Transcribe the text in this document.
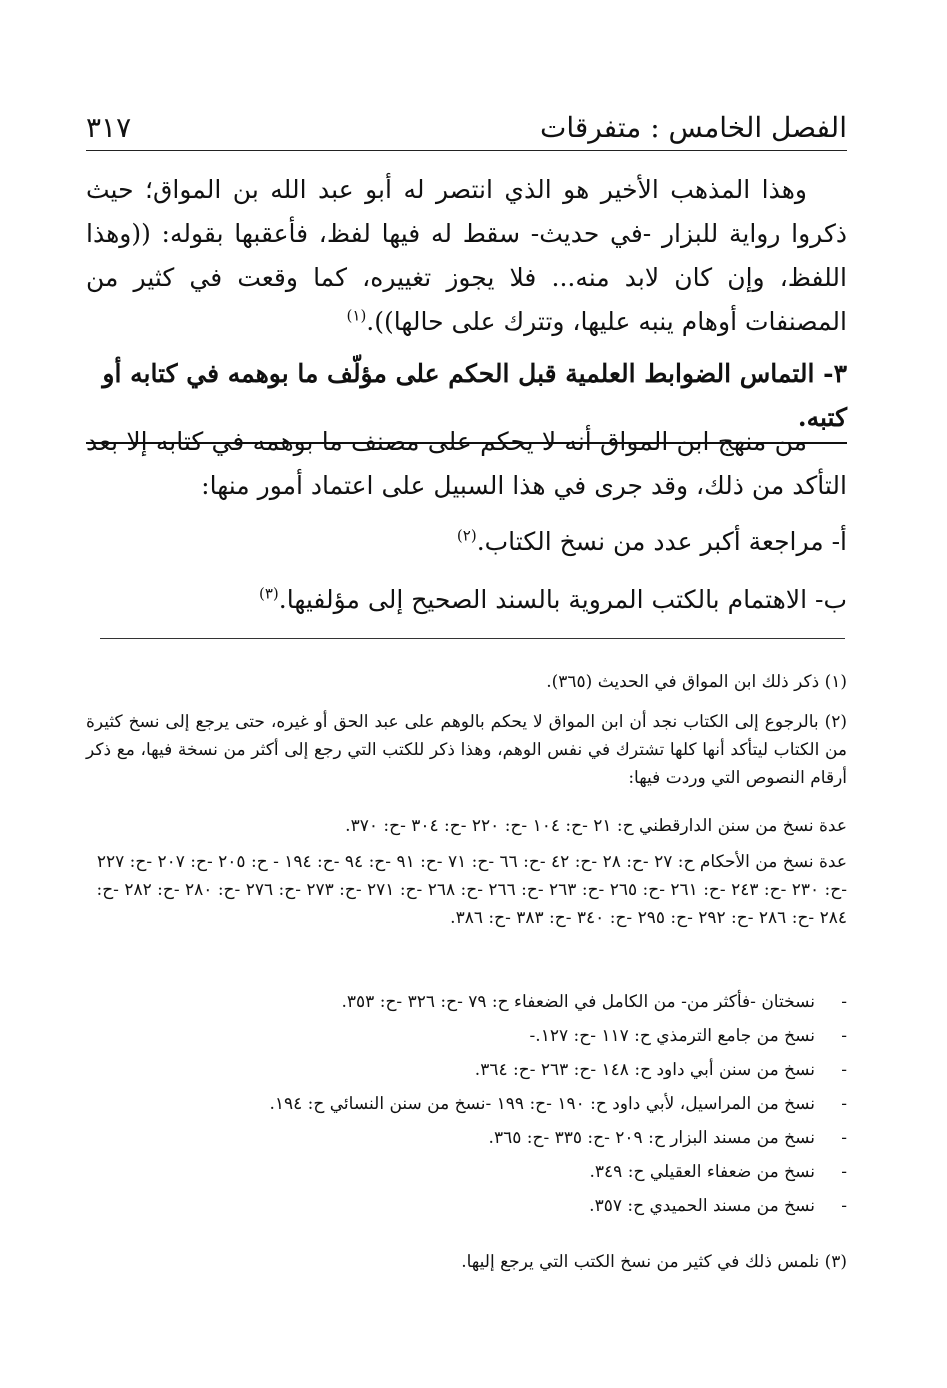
الفصل الخامس : متفرقات
٣١٧
وهذا المذهب الأخير هو الذي انتصر له أبو عبد الله بن المواق؛ حيث ذكروا رواية للبزار -في حديث- سقط له فيها لفظ، فأعقبها بقوله: ((وهذا اللفظ، وإن كان لابد منه... فلا يجوز تغييره، كما وقعت في كثير من المصنفات أوهام ينبه عليها، وتترك على حالها)).$^{(١)}$
٣- التماس الضوابط العلمية قبل الحكم على مؤلّف ما بوهمه في كتابه أو كتبه.
من منهج ابن المواق أنه لا يحكم على مصنف ما بوهمه في كتابه إلا بعد التأكد من ذلك، وقد جرى في هذا السبيل على اعتماد أمور منها:
أ- مراجعة أكبر عدد من نسخ الكتاب.$^{(٢)}$
ب- الاهتمام بالكتب المروية بالسند الصحيح إلى مؤلفيها.$^{(٣)}$
(١) ذكر ذلك ابن المواق في الحديث (٣٦٥).
(٢) بالرجوع إلى الكتاب نجد أن ابن المواق لا يحكم بالوهم على عبد الحق أو غيره، حتى يرجع إلى نسخ كثيرة من الكتاب ليتأكد أنها كلها تشترك في نفس الوهم، وهذا ذكر للكتب التي رجع إلى أكثر من نسخة فيها، مع ذكر أرقام النصوص التي وردت فيها:
عدة نسخ من سنن الدارقطني ح: ٢١ -ح: ١٠٤ -ح: ٢٢٠ -ح: ٣٠٤ -ح: ٣٧٠.
عدة نسخ من الأحكام ح: ٢٧ -ح: ٢٨ -ح: ٤٢ -ح: ٦٦ -ح: ٧١ -ح: ٩١ -ح: ٩٤ -ح: ١٩٤ - ح: ٢٠٥ -ح: ٢٠٧ -ح: ٢٢٧ -ح: ٢٣٠ -ح: ٢٤٣ -ح: ٢٦١ -ح: ٢٦٥ -ح: ٢٦٣ -ح: ٢٦٦ -ح: ٢٦٨ -ح: ٢٧١ -ح: ٢٧٣ -ح: ٢٧٦ -ح: ٢٨٠ -ح: ٢٨٢ -ح: ٢٨٤ -ح: ٢٨٦ -ح: ٢٩٢ -ح: ٢٩٥ -ح: ٣٤٠ -ح: ٣٨٣ -ح: ٣٨٦.
-
نسختان -فأكثر من- من الكامل في الضعفاء ح: ٧٩ -ح: ٣٢٦ -ح: ٣٥٣.
-
نسخ من جامع الترمذي ح: ١١٧ -ح: ١٢٧.-
-
نسخ من سنن أبي داود ح: ١٤٨ -ح: ٢٦٣ -ح: ٣٦٤.
-
نسخ من المراسيل، لأبي داود ح: ١٩٠ -ح: ١٩٩ -نسخ من سنن النسائي ح: ١٩٤.
-
نسخ من مسند البزار ح: ٢٠٩ -ح: ٣٣٥ -ح: ٣٦٥.
-
نسخ من ضعفاء العقيلي ح: ٣٤٩.
-
نسخ من مسند الحميدي ح: ٣٥٧.
(٣) نلمس ذلك في كثير من نسخ الكتب التي يرجع إليها.
